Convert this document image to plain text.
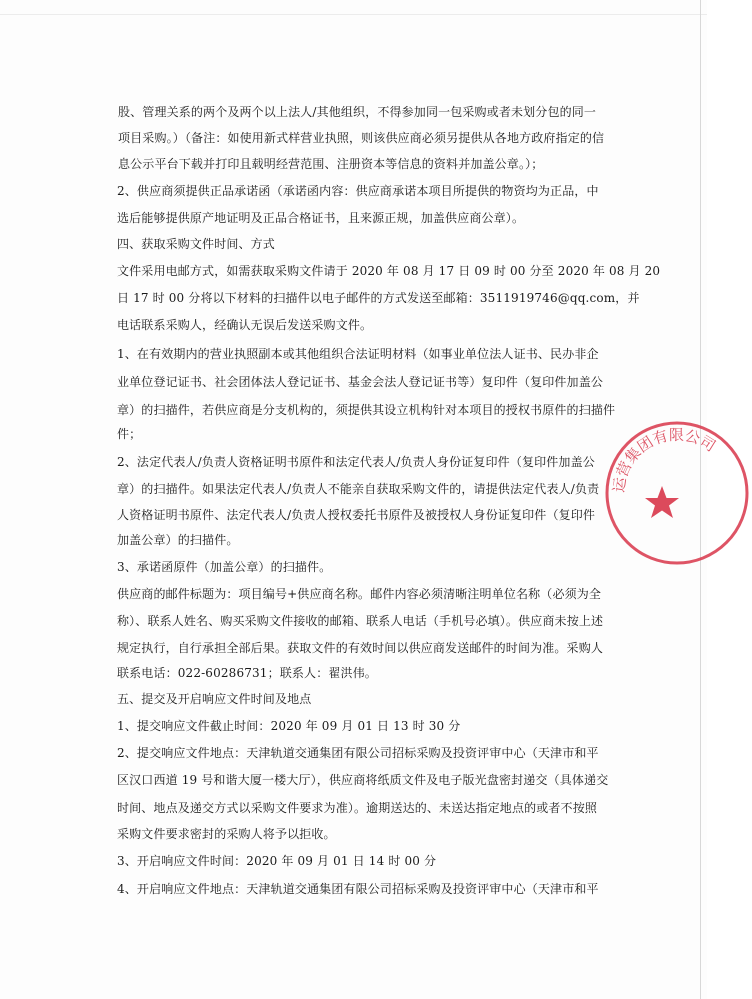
股、管理关系的两个及两个以上法人/其他组织，不得参加同一包采购或者未划分包的同一
项目采购。）（备注：如使用新式样营业执照，则该供应商必须另提供从各地方政府指定的信
息公示平台下载并打印且载明经营范围、注册资本等信息的资料并加盖公章。）；
2、供应商须提供正品承诺函（承诺函内容：供应商承诺本项目所提供的物资均为正品，中
选后能够提供原产地证明及正品合格证书，且来源正规，加盖供应商公章）。
四、获取采购文件时间、方式
文件采用电邮方式，如需获取采购文件请于 2020 年 08 月 17 日 09 时 00 分至 2020 年 08 月 20
日 17 时 00 分将以下材料的扫描件以电子邮件的方式发送至邮箱：3511919746@qq.com，并
电话联系采购人，经确认无误后发送采购文件。
1、在有效期内的营业执照副本或其他组织合法证明材料（如事业单位法人证书、民办非企
业单位登记证书、社会团体法人登记证书、基金会法人登记证书等）复印件（复印件加盖公
章）的扫描件，若供应商是分支机构的，须提供其设立机构针对本项目的授权书原件的扫描件
件；
2、法定代表人/负责人资格证明书原件和法定代表人/负责人身份证复印件（复印件加盖公
章）的扫描件。如果法定代表人/负责人不能亲自获取采购文件的，请提供法定代表人/负责
人资格证明书原件、法定代表人/负责人授权委托书原件及被授权人身份证复印件（复印件
加盖公章）的扫描件。
3、承诺函原件（加盖公章）的扫描件。
供应商的邮件标题为：项目编号+供应商名称。邮件内容必须清晰注明单位名称（必须为全
称）、联系人姓名、购买采购文件接收的邮箱、联系人电话（手机号必填）。供应商未按上述
规定执行，自行承担全部后果。获取文件的有效时间以供应商发送邮件的时间为准。采购人
联系电话：022-60286731；联系人：翟洪伟。
五、提交及开启响应文件时间及地点
1、提交响应文件截止时间：2020 年 09 月 01 日 13 时 30 分
2、提交响应文件地点：天津轨道交通集团有限公司招标采购及投资评审中心（天津市和平
区汉口西道 19 号和谐大厦一楼大厅），供应商将纸质文件及电子版光盘密封递交（具体递交
时间、地点及递交方式以采购文件要求为准）。逾期送达的、未送达指定地点的或者不按照
采购文件要求密封的采购人将予以拒收。
3、开启响应文件时间：2020 年 09 月 01 日 14 时 00 分
4、开启响应文件地点：天津轨道交通集团有限公司招标采购及投资评审中心（天津市和平
运营集团有限公司
